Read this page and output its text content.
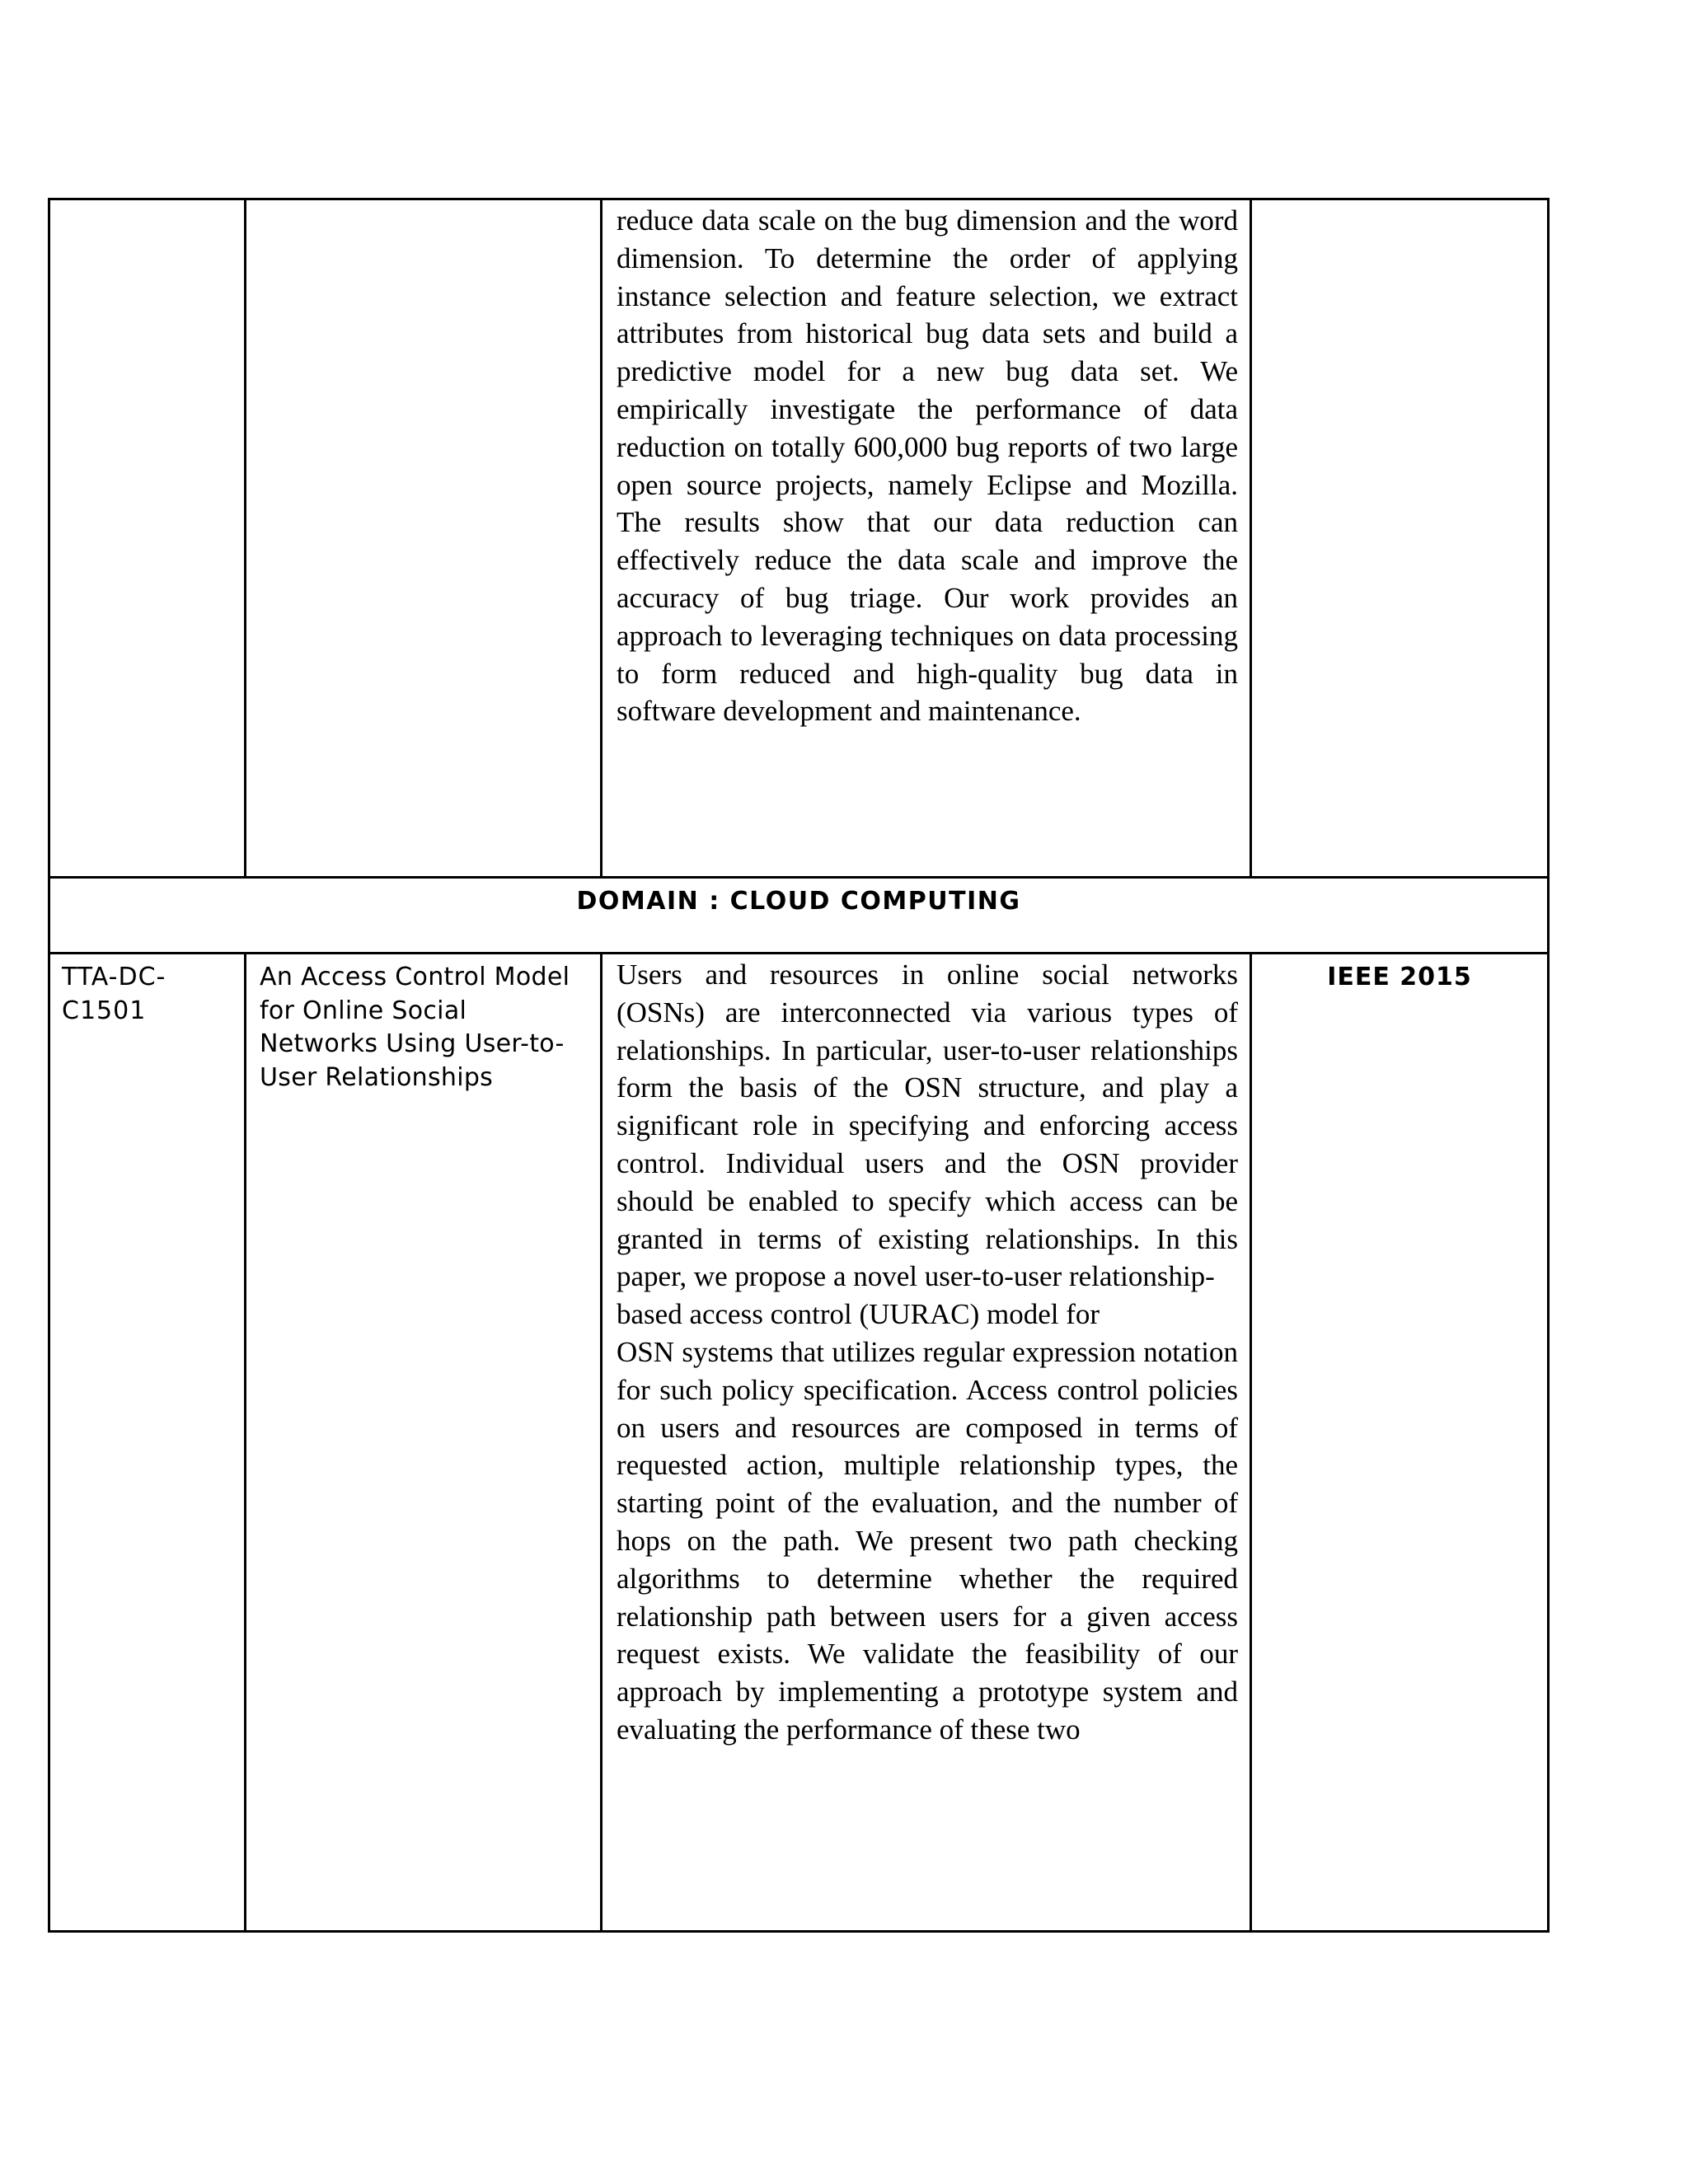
		reduce data scale on the bug dimension and the word dimension. To determine the order of applying instance selection and feature selection, we extract attributes from historical bug data sets and build a predictive model for a new bug data set. We empirically investigate the performance of data reduction on totally 600,000 bug reports of two large open source projects, namely Eclipse and Mozilla. The results show that our data reduction can effectively reduce the data scale and improve the accuracy of bug triage. Our work provides an approach to leveraging techniques on data processing to form reduced and high-quality bug data in software development and maintenance.	

DOMAIN : CLOUD COMPUTING			

TTA-DC-C1501	An Access Control Model for Online Social Networks Using User-to-User Relationships	Users and resources in online social networks (OSNs) are interconnected via various types of relationships. In particular, user-to-user relationships form the basis of the OSN structure, and play a significant role in specifying and enforcing access control. Individual users and the OSN provider should be enabled to specify which access can be granted in terms of existing relationships. In this paper, we propose a novel user-to-user relationship-

based access control (UURAC) model for

OSN systems that utilizes regular expression notation for such policy specification. Access control policies on users and resources are composed in terms of requested action, multiple relationship types, the starting point of the evaluation, and the number of hops on the path. We present two path checking algorithms to determine whether the required relationship path between users for a given access request exists. We validate the feasibility of our approach by implementing a prototype system and evaluating the performance of these two	IEEE 2015
